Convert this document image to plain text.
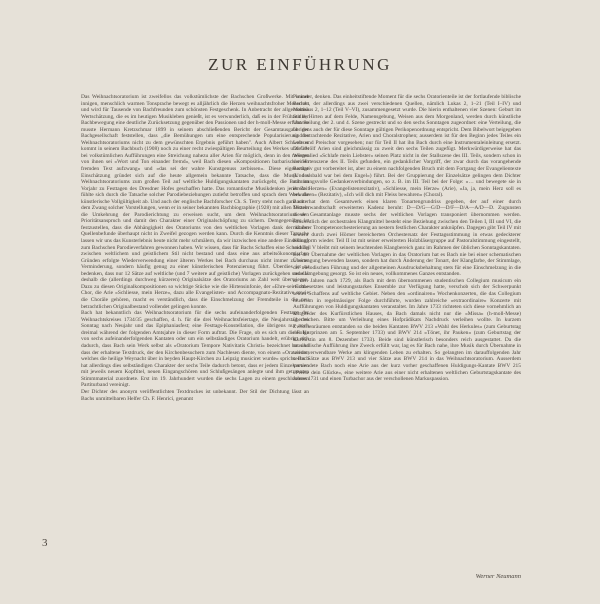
ZUR EINFÜHRUNG

Das Weihnachtsoratorium ist zweifellos das volkstümlichste der Bachschen Großwerke. Mit seiner innigen, menschlich warmen Tonsprache bewegt es alljährlich die Herzen weihnachtsfroher Menschen und wird für Tausende von Bachfreunden zum schönsten Festgeschenk. In Anbetracht der allgemeinen Wertschätzung, die es im heutigen Musikleben genießt, ist es verwunderlich, daß es in der Frühzeit der Bachbewegung eine deutliche Zurücksetzung gegenüber den Passionen und der h-moll-Messe erfuhr. So musste Hermann Kretzschmar 1899 in seinem abschließenden Bericht der Gesamtausgabe der Bachgesellschaft feststellen, dass „die Bemühungen um eine entsprechende Popularisierung des Weihnachtsoratoriums nicht zu dem gewünschten Ergebnis geführt haben". Auch Albert Schweitzer kommt in seinem Bachbuch (1908) noch zu einer recht zwiespältigen Beurteilung des Werkes und fällt bei volkstümlichen Aufführungen eine Streichung nahezu aller Arien für möglich, denn in den meisten von ihnen sei »Wort und Ton einander fremd«, weil Bach diesen »Kompositionen barbarisch einen fremden Text aufzwang« und »das sei der wahre Kunstgenuss zerbissen«. Diese eigenartige Einschätzung gründet sich auf die heute allgemein bekannte Tatsache, dass die Musik des Weihnachtsoratoriums zum großen Teil auf weltliche Huldigungskantaten zurückgeht, die Bach im Vorjahr zu Festtagen des Dresdner Hofes geschaffen hatte. Das romantische Musikdenken jener Zeit fühlte sich durch die Tatsache solcher Parodiebeziehungen zutiefst betroffen und sprach dem Werk die künstlerische Vollgültigkeit ab. Und auch der englische Bachforscher Ch. S. Terry steht noch ganz unter dem Zwang solcher Vorstellungen, wenn er in seiner bekannten Bachbiographie (1928) mit allen Mitteln die Umkehrung der Parodierichtung zu erweisen sucht, um dem Weihnachtsoratorium den Prioritätsanspruch und damit den Charakter einer Originalschöpfung zu sichern. Demgegenüber ist festzustellen, dass die Abhängigkeit des Oratoriums von den weltlichen Vorlagen dank der klaren Quellenbefunde überhaupt nicht in Zweifel gezogen werden kann. Durch die Kenntnis dieser Tatsache lassen wir uns das Kunsterlebnis heute nicht mehr schmälern, da wir inzwischen eine andere Einstellung zum Bachschen Parodieverfahren gewonnen haben. Wir wissen, dass für Bachs Schaffen eine Scheidung zwischen weltlichem und geistlichem Stil nicht bestand und dass eine aus arbeitsökonomischen Gründen erfolgte Wiederverwendung einer älteren Werkes bei Bach durchaus nicht immer zu einer Verminderung, sondern häufig genug zu einer künstlerischen Potenzierung führt. Überdies ist zu bedenken, dass nur 12 Sätze auf weltliche (und 7 weitere auf geistliche) Vorlagen zurückgehen und das deshalb die (allerdings durchweg kürzeren) Originalsätze des Oratoriums an Zahl weit überwiegen. Dazu zu diesen Originalkompositionen so wichtige Stücke wie die Hirtensinfonie, der »Ehre-sei-Gott«-Chor, die Arie »Schliesse, mein Herze«, dazu alle Evangelisten- und Accompagnato-Rezitative sowie die Choräle gehören, macht es verständlich, dass die Einschmelzung der Fremdteile in die neu betrachtlichen Originalbestand vollendet gelingen konnte.

Bach hat bekanntlich das Weihnachtsoratorium für die sechs aufeinanderfolgenden Festtage der Weihnachtskreises 1734/35 geschaffen, d. h. für die drei Weihnachtsfeiertage, die Neujahrstag, den Sonntag nach Neujahr und das Epiphaniasfest; eine Festtags-Konstellation, die übrigens nur noch dreimal während der folgenden Amtsjahre in dieser Form auftrat. Die Frage, ob es sich um die Folge von sechs aufeinanderfolgenden Kantaten oder um ein selbständiges Oratorium handelt, erübrigt sich dadurch, dass Bach sein Werk selbst als »Oratorium Tempore Nativitatis Christi« bezeichnet hat und dass der erhaltene Textdruck, der den Kirchenbesuchern zum Nachlesen diente, von einem »Oratorium, welches die heilige Weynacht über in beyden Haupt-Kirchen zu Leipzig musiciret wurde« spricht. Bach hat allerdings dies selbständigen Charakter der sechs Teile dadurch betont, dass er jedem Einzelpartien mit jeweils neuem Kopftitel, neuen Eingangschören und Schlußgesängen anlegte und ihm getrennten Stimmmaterial zuordnete. Erst im 19. Jahrhundert wurden die sechs Lagen zu einem geschlossenen Partiturband vereinigt.

Der Dichter des anonym veröffentlichten Textdruckes ist unbekannt. Der Stil der Dichtung lässt an Bachs unmittelbaren Helfer Ch. F. Henrici, genannt

Picander, denken. Das einheitstiftende Moment für die sechs Oratorienteile ist der fortlaufende biblische Bericht, der allerdings aus zwei verschiedenen Quellen, nämlich Lukas 2, 1–21 (Teil I–IV) und Matthäus 2, 1–12 (Teil V–VI), zusammengesetzt wurde. Die hierin enthaltenen vier Szenen: Geburt im Stalle, Hirten auf dem Felde, Namensgebung, Weisen aus dem Morgenland, werden durch künstliche Unterteilung der 2. und 4. Szene gestreckt und so den sechs Sonntagen zugeordnet: eine Verteilung, die übrigens auch der für diese Sonntage gültigen Perikopenordnung entspricht. Dem Bibelwort beigegeben sind betrachtende Rezitative, Arien und Choralstrophen; ausserdem ist für den Beginn jedes Teiles ein Lob- und Preischor vorgesehen; nur für Teil II hat ihn Bach durch eine Instrumentaleinleitung ersetzt. Die zwölf Arien sind gleichmässig zu zweit den sechs Teilen zugefügt. Merkwürdigerweise hat das Wiegenlied »Schlafe mein Liebster« seinen Platz nicht in der Stallszene des III. Teils, sondern schon in der Hirtenszene des II. Teils gefunden, ein gedanklicher Vorgriff, der zwar durch das vorangehende Rezitativ gut vorbereitet ist, aber zu einem nachfolgenden Bruch mit dem Fortgang der Evangelientexte (Und alsbald war bei dem Engel«) führt. Bei der Gruppierung der Einzelsätze gelingen dem Dichter stimmungsvolle Gedankenverbindungen, so z. B. im III. Teil bei der Folge: »… und bewegete sie in ihrem Herzen« (Evangelistenrezitativ), »Schliesse, mein Herze« (Arie), »Ja, ja, mein Herz soll es bewahren« (Rezitativ), »Ich will dich mit Fleiss bewahren« (Choral).

Bach hat dem Gesamtwerk einen klaren Tonartengrundriss gegeben, der auf einer durch Terzverwandtschaft erweiterten Kadenz beruht: D—D/G—G/D—D/F—D/A—A/D—D. Zugunsten dieser Gesamtanlage musste sechs der weltlichen Vorlagen transponiert übernommen werden. Hinsichtlich der orchestralen Klangmittel besteht eine Beziehung zwischen den Teilen I, III und VI, die mit ihrer Trompetenorchesterierung an nestern festlichen Charakter anknüpfen. Dagegen gibt Teil IV mit seinem durch zwei Hörner bereicherten Orchestersatz der Festtagsstimmung in etwas gedeckterer Klangform wieder. Teil II ist mit seiner erweiterten Holzbläsergruppe auf Pastoralstimmung eingestellt, und Teil V bleibt mit seinem leuchtenden Klangbereich ganz im Rahmen der üblichen Sonntagskantaten.

Bei der Übernahme der weltlichen Vorlagen in das Oratorium hat es Bach nie bei einer schematischen Übertragung bewenden lassen, sondern hat durch Änderung der Tonart, der Klangfarbe, der Stimmlage, der melodischen Führung und der allgemeinen Ausdrucksbehaltung stets für eine Einschmelzung in die neue Umgebung gesorgt. So ist ein neues, vollkommenes Ganzes entstanden.

In den Jahren nach 1729, als Bach mit dem übernommenen studentischen Collegium musicum ein reichbesetztes und leistungsstarkes Ensemble zur Verfügung hatte, verschob sich der Schwerpunkt seines Schaffens auf weltliche Gebiet. Neben den »ordinairen« Wochenkonzerten, die das Collegium musicum in regelmässiger Folge durchführte, wurden zahlreiche »extraordinaire« Konzerte mit Aufführungen von Huldigungskantaten veranstaltet. Im Jahre 1733 richteten sich diese vornehmlich an Mitglieder des Kurfürstlichen Hauses, da Bach damals nicht nur die »Missa« (h-moll-Messe) überreichen. Bitte um Verleihung eines Hofprädikats Nachdruck verleihen wollte. In kurzem Zwischenräumen entstanden so die beiden Kantaten BWV 213 »Wahl des Herkules« (zum Geburtstag des Kurprinzen am 5. September 1733) und BWV 214 »Tönet, ihr Pauken« (zum Geburtstag der Kurfürstin am 8. Dezember 1733). Beide sind künstlerisch besonders reich ausgestattet. Da die musikalische Aufführung ihre Zweck erfüllt war, lag es für Bach nahe, ihre Musik durch Übernahme in wiederverwendbare Werke am klingenden Leben zu erhalten. So gelangten im darauffolgenden Jahr sechs Sätze aus BWV 213 und vier Sätze aus BWV 214 in das Weihnachtsoratorium. Ausserdem verwendete Bach noch eine Arie aus der kurz vorher geschaffenen Huldigungs-Kantate BWV 215 »Preise dein Glücke«, eine weitere Arie aus einer nicht erhaltenen weltlichen Geburtstagskantate des Jahres 1731 und einen Turbachor aus der verschollenen Markuspassion.

3
Werner Neumann
